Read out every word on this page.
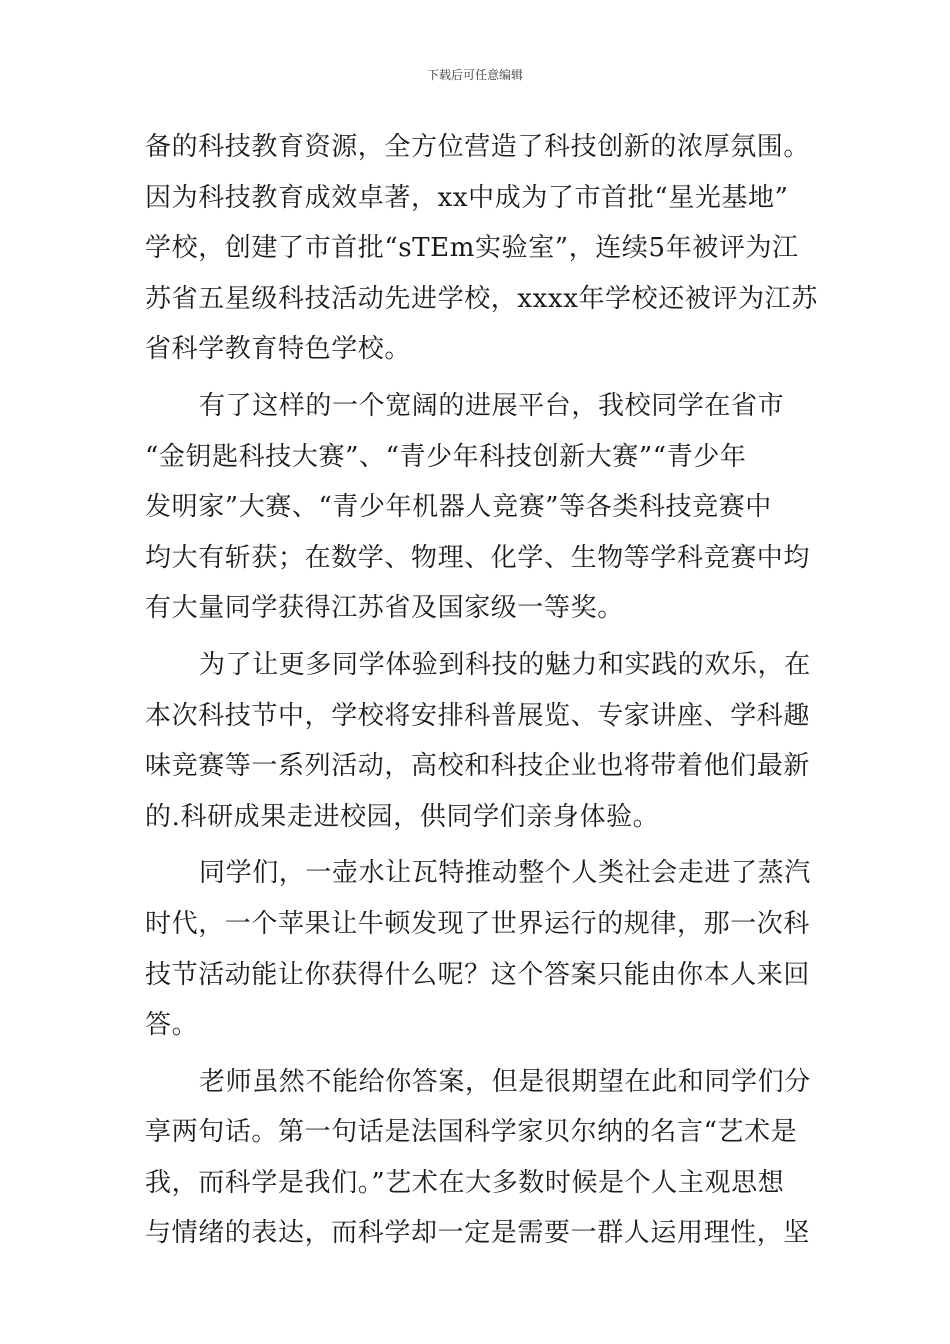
下载后可任意编辑

备的科技教育资源，全方位营造了科技创新的浓厚氛围。
因为科技教育成效卓著，xx中成为了市首批“星光基地”
学校，创建了市首批“sTEm实验室”，连续5年被评为江
苏省五星级科技活动先进学校，xxxx年学校还被评为江苏
省科学教育特色学校。

有了这样的一个宽阔的进展平台，我校同学在省市
“金钥匙科技大赛”、“青少年科技创新大赛”“青少年
发明家”大赛、“青少年机器人竞赛”等各类科技竞赛中
均大有斩获；在数学、物理、化学、生物等学科竞赛中均
有大量同学获得江苏省及国家级一等奖。

为了让更多同学体验到科技的魅力和实践的欢乐，在
本次科技节中，学校将安排科普展览、专家讲座、学科趣
味竞赛等一系列活动，高校和科技企业也将带着他们最新
的.科研成果走进校园，供同学们亲身体验。

同学们，一壶水让瓦特推动整个人类社会走进了蒸汽
时代，一个苹果让牛顿发现了世界运行的规律，那一次科
技节活动能让你获得什么呢？这个答案只能由你本人来回
答。

老师虽然不能给你答案，但是很期望在此和同学们分
享两句话。第一句话是法国科学家贝尔纳的名言“艺术是
我，而科学是我们。”艺术在大多数时候是个人主观思想
与情绪的表达，而科学却一定是需要一群人运用理性，坚
